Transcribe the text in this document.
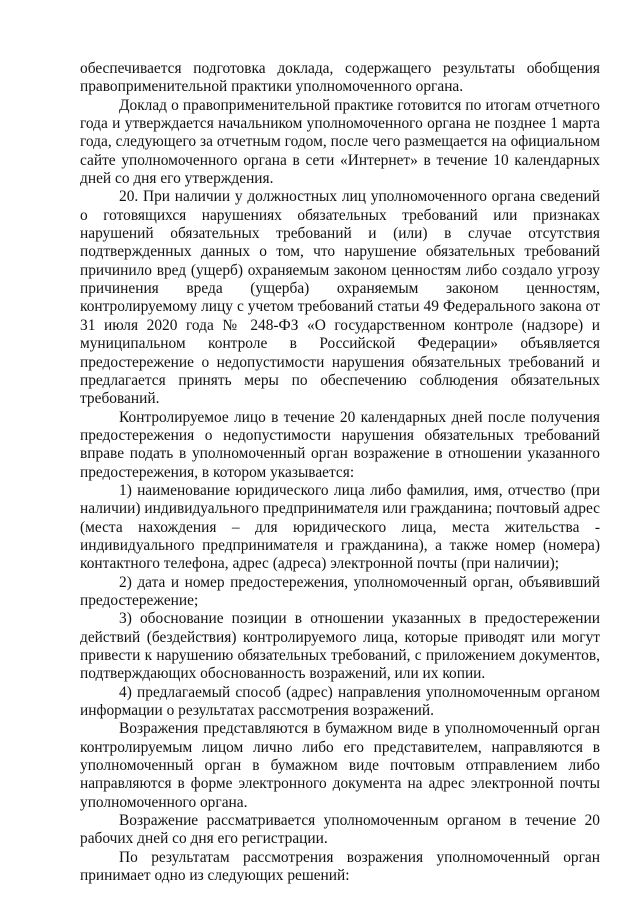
обеспечивается подготовка доклада, содержащего результаты обобщения правоприменительной практики уполномоченного органа.

Доклад о правоприменительной практике готовится по итогам отчетного года и утверждается начальником уполномоченного органа не позднее 1 марта года, следующего за отчетным годом, после чего размещается на официальном сайте уполномоченного органа в сети «Интернет» в течение 10 календарных дней со дня его утверждения.

20. При наличии у должностных лиц уполномоченного органа сведений о готовящихся нарушениях обязательных требований или признаках нарушений обязательных требований и (или) в случае отсутствия подтвержденных данных о том, что нарушение обязательных требований причинило вред (ущерб) охраняемым законом ценностям либо создало угрозу причинения вреда (ущерба) охраняемым законом ценностям, контролируемому лицу с учетом требований статьи 49 Федерального закона от 31 июля 2020 года № 248-ФЗ «О государственном контроле (надзоре) и муниципальном контроле в Российской Федерации» объявляется предостережение о недопустимости нарушения обязательных требований и предлагается принять меры по обеспечению соблюдения обязательных требований.

Контролируемое лицо в течение 20 календарных дней после получения предостережения о недопустимости нарушения обязательных требований вправе подать в уполномоченный орган возражение в отношении указанного предостережения, в котором указывается:

1) наименование юридического лица либо фамилия, имя, отчество (при наличии) индивидуального предпринимателя или гражданина; почтовый адрес (места нахождения – для юридического лица, места жительства - индивидуального предпринимателя и гражданина), а также номер (номера) контактного телефона, адрес (адреса) электронной почты (при наличии);

2) дата и номер предостережения, уполномоченный орган, объявивший предостережение;

3) обоснование позиции в отношении указанных в предостережении действий (бездействия) контролируемого лица, которые приводят или могут привести к нарушению обязательных требований, с приложением документов, подтверждающих обоснованность возражений, или их копии.

4) предлагаемый способ (адрес) направления уполномоченным органом информации о результатах рассмотрения возражений.

Возражения представляются в бумажном виде в уполномоченный орган контролируемым лицом лично либо его представителем, направляются в уполномоченный орган в бумажном виде почтовым отправлением либо направляются в форме электронного документа на адрес электронной почты уполномоченного органа.

Возражение рассматривается уполномоченным органом в течение 20 рабочих дней со дня его регистрации.

По результатам рассмотрения возражения уполномоченный орган принимает одно из следующих решений:
